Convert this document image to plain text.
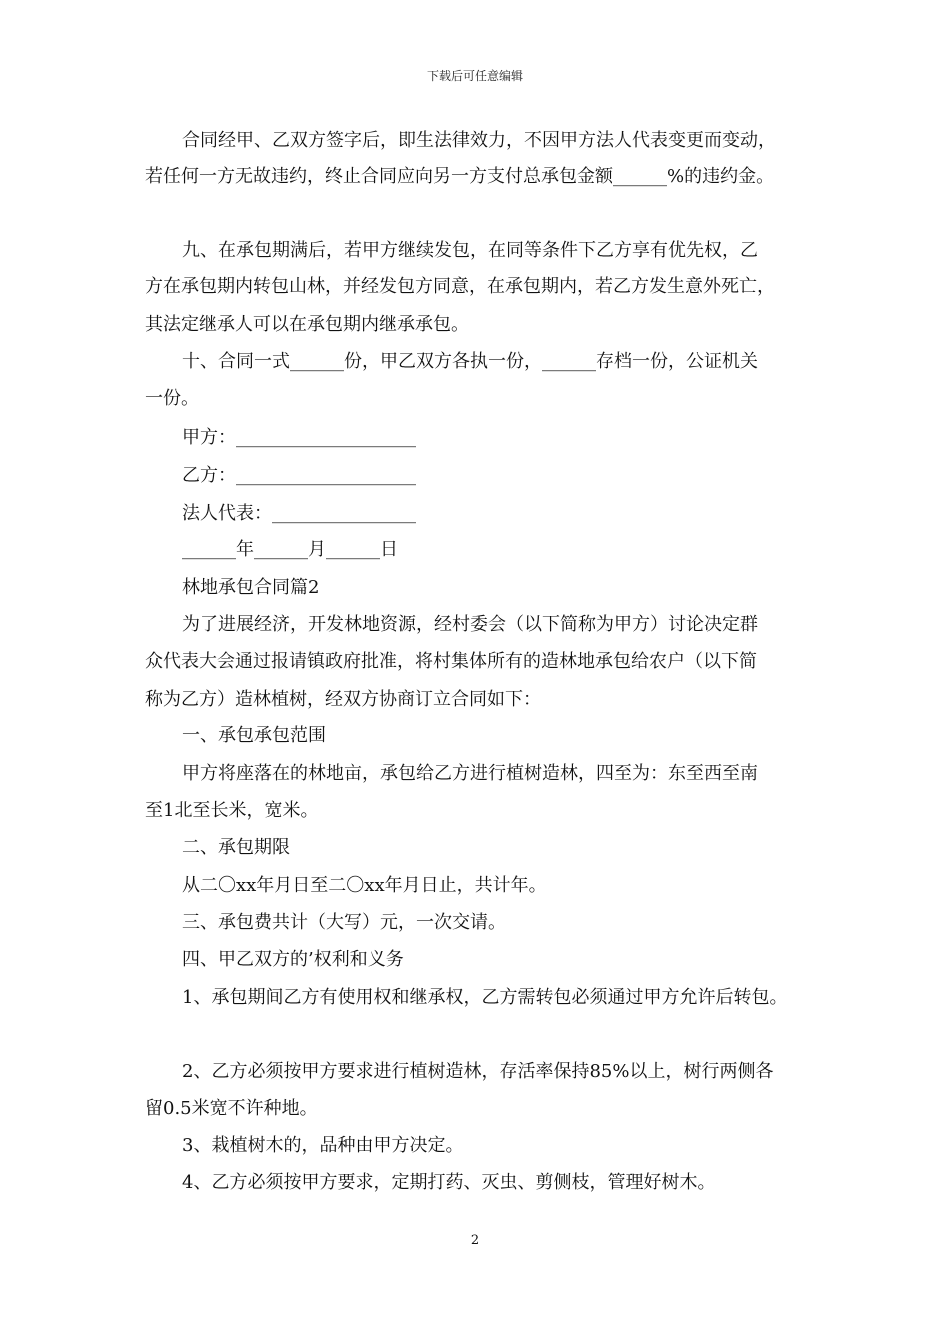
下载后可任意编辑
合同经甲、乙双方签字后，即生法律效力，不因甲方法人代表变更而变动，
若任何一方无故违约，终止合同应向另一方支付总承包金额______%的违约金。
九、在承包期满后，若甲方继续发包，在同等条件下乙方享有优先权，乙
方在承包期内转包山林，并经发包方同意，在承包期内，若乙方发生意外死亡，
其法定继承人可以在承包期内继承承包。
十、合同一式______份，甲乙双方各执一份，______存档一份，公证机关
一份。
甲方：____________________
乙方：____________________
法人代表：________________
______年______月______日
林地承包合同篇2
为了进展经济，开发林地资源，经村委会（以下简称为甲方）讨论决定群
众代表大会通过报请镇政府批准，将村集体所有的造林地承包给农户（以下简
称为乙方）造林植树，经双方协商订立合同如下：
一、承包承包范围
甲方将座落在的林地亩，承包给乙方进行植树造林，四至为：东至西至南
至1北至长米，宽米。
二、承包期限
从二〇xx年月日至二〇xx年月日止，共计年。
三、承包费共计（大写）元，一次交请。
四、甲乙双方的’权利和义务
1、承包期间乙方有使用权和继承权，乙方需转包必须通过甲方允许后转包。
2、乙方必须按甲方要求进行植树造林，存活率保持85%以上，树行两侧各
留0.5米宽不许种地。
3、栽植树木的，品种由甲方决定。
4、乙方必须按甲方要求，定期打药、灭虫、剪侧枝，管理好树木。
2
